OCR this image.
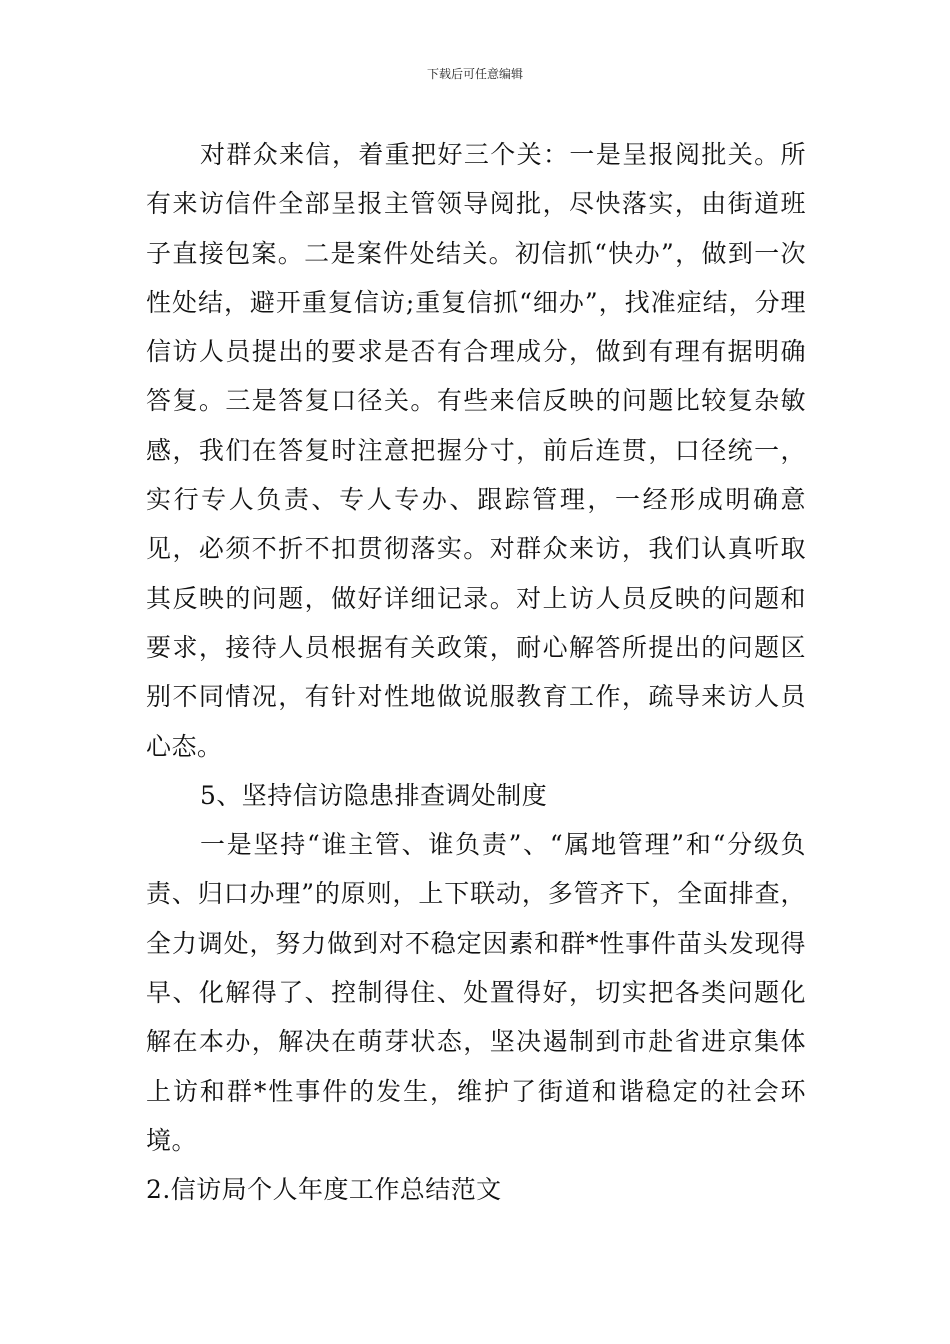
下载后可任意编辑

对群众来信，着重把好三个关：一是呈报阅批关。所有来访信件全部呈报主管领导阅批，尽快落实，由街道班子直接包案。二是案件处结关。初信抓“快办”，做到一次性处结，避开重复信访;重复信抓“细办”，找准症结，分理信访人员提出的要求是否有合理成分，做到有理有据明确答复。三是答复口径关。有些来信反映的问题比较复杂敏感，我们在答复时注意把握分寸，前后连贯，口径统一，实行专人负责、专人专办、跟踪管理，一经形成明确意见，必须不折不扣贯彻落实。对群众来访，我们认真听取其反映的问题，做好详细记录。对上访人员反映的问题和要求，接待人员根据有关政策，耐心解答所提出的问题区别不同情况，有针对性地做说服教育工作，疏导来访人员心态。

5、坚持信访隐患排查调处制度

一是坚持“谁主管、谁负责”、“属地管理”和“分级负责、归口办理”的原则，上下联动，多管齐下，全面排查，全力调处，努力做到对不稳定因素和群*性事件苗头发现得早、化解得了、控制得住、处置得好，切实把各类问题化解在本办，解决在萌芽状态，坚决遏制到市赴省进京集体上访和群*性事件的发生，维护了街道和谐稳定的社会环境。

2.信访局个人年度工作总结范文
